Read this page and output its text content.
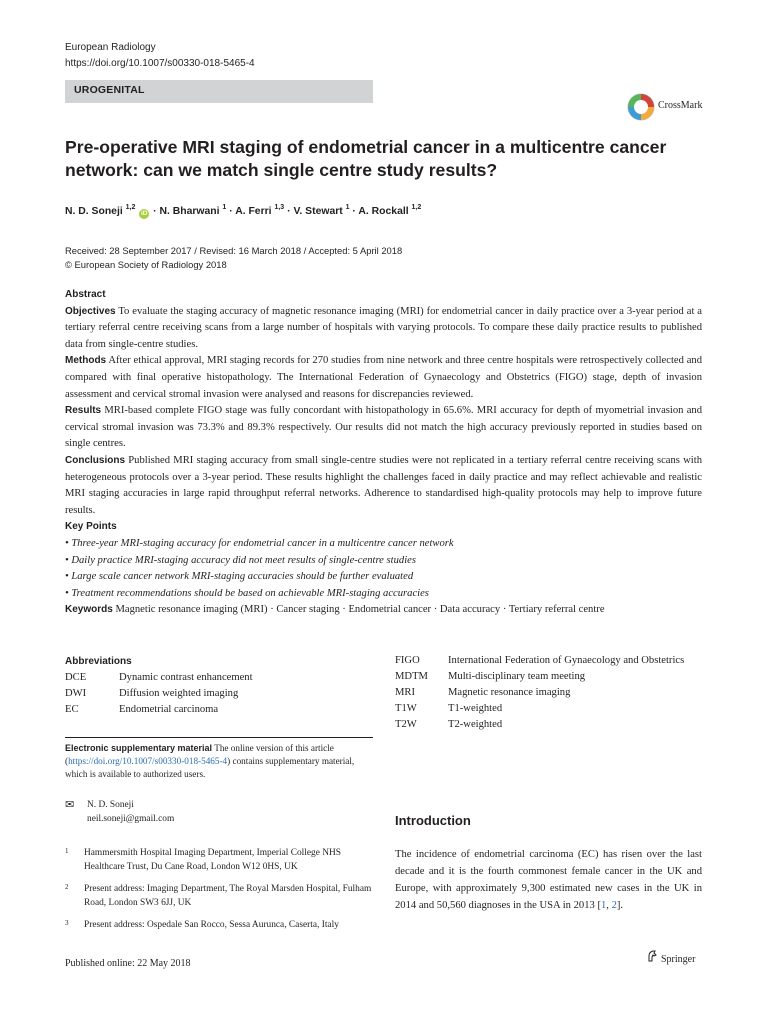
European Radiology
https://doi.org/10.1007/s00330-018-5465-4
UROGENITAL
CrossMark
Pre-operative MRI staging of endometrial cancer in a multicentre cancer network: can we match single centre study results?
N. D. Soneji $^{1,2}$ iD · N. Bharwani $^1$ · A. Ferri $^{1,3}$ · V. Stewart $^1$ · A. Rockall $^{1,2}$
Received: 28 September 2017 / Revised: 16 March 2018 / Accepted: 5 April 2018
© European Society of Radiology 2018

Abstract

Objectives To evaluate the staging accuracy of magnetic resonance imaging (MRI) for endometrial cancer in daily practice over a 3-year period at a tertiary referral centre receiving scans from a large number of hospitals with varying protocols. To compare these daily practice results to published data from single-centre studies.

Methods After ethical approval, MRI staging records for 270 studies from nine network and three centre hospitals were retrospectively collected and compared with final operative histopathology. The International Federation of Gynaecology and Obstetrics (FIGO) stage, depth of invasion assessment and cervical stromal invasion were analysed and reasons for discrepancies reviewed.

Results MRI-based complete FIGO stage was fully concordant with histopathology in 65.6%. MRI accuracy for depth of myometrial invasion and cervical stromal invasion was 73.3% and 89.3% respectively. Our results did not match the high accuracy previously reported in studies based on single centres.

Conclusions Published MRI staging accuracy from small single-centre studies were not replicated in a tertiary referral centre receiving scans with heterogeneous protocols over a 3-year period. These results highlight the challenges faced in daily practice and may reflect achievable and realistic MRI staging accuracies in large rapid throughput referral networks. Adherence to standardised high-quality protocols may help to improve future results.

Key Points

• Three-year MRI-staging accuracy for endometrial cancer in a multicentre cancer network

• Daily practice MRI-staging accuracy did not meet results of single-centre studies

• Large scale cancer network MRI-staging accuracies should be further evaluated

• Treatment recommendations should be based on achievable MRI-staging accuracies

Keywords Magnetic resonance imaging (MRI) · Cancer staging · Endometrial cancer · Data accuracy · Tertiary referral centre
Abbreviations
DCE	Dynamic contrast enhancement
DWI	Diffusion weighted imaging
EC	Endometrial carcinoma
FIGO	International Federation of Gynaecology and Obstetrics
MDTM	Multi-disciplinary team meeting
MRI	Magnetic resonance imaging
T1W	T1-weighted
T2W	T2-weighted
Electronic supplementary material The online version of this article (https://doi.org/10.1007/s00330-018-5465-4) contains supplementary material, which is available to authorized users.
✉ N. D. Soneji
neil.soneji@gmail.com
1	Hammersmith Hospital Imaging Department, Imperial College NHS Healthcare Trust, Du Cane Road, London W12 0HS, UK
2	Present address: Imaging Department, The Royal Marsden Hospital, Fulham Road, London SW3 6JJ, UK
3	Present address: Ospedale San Rocco, Sessa Aurunca, Caserta, Italy
Published online: 22 May 2018
Introduction
The incidence of endometrial carcinoma (EC) has risen over the last decade and it is the fourth commonest female cancer in the UK and Europe, with approximately 9,300 estimated new cases in the UK in 2014 and 50,560 diagnoses in the USA in 2013 [1, 2].
Springer
